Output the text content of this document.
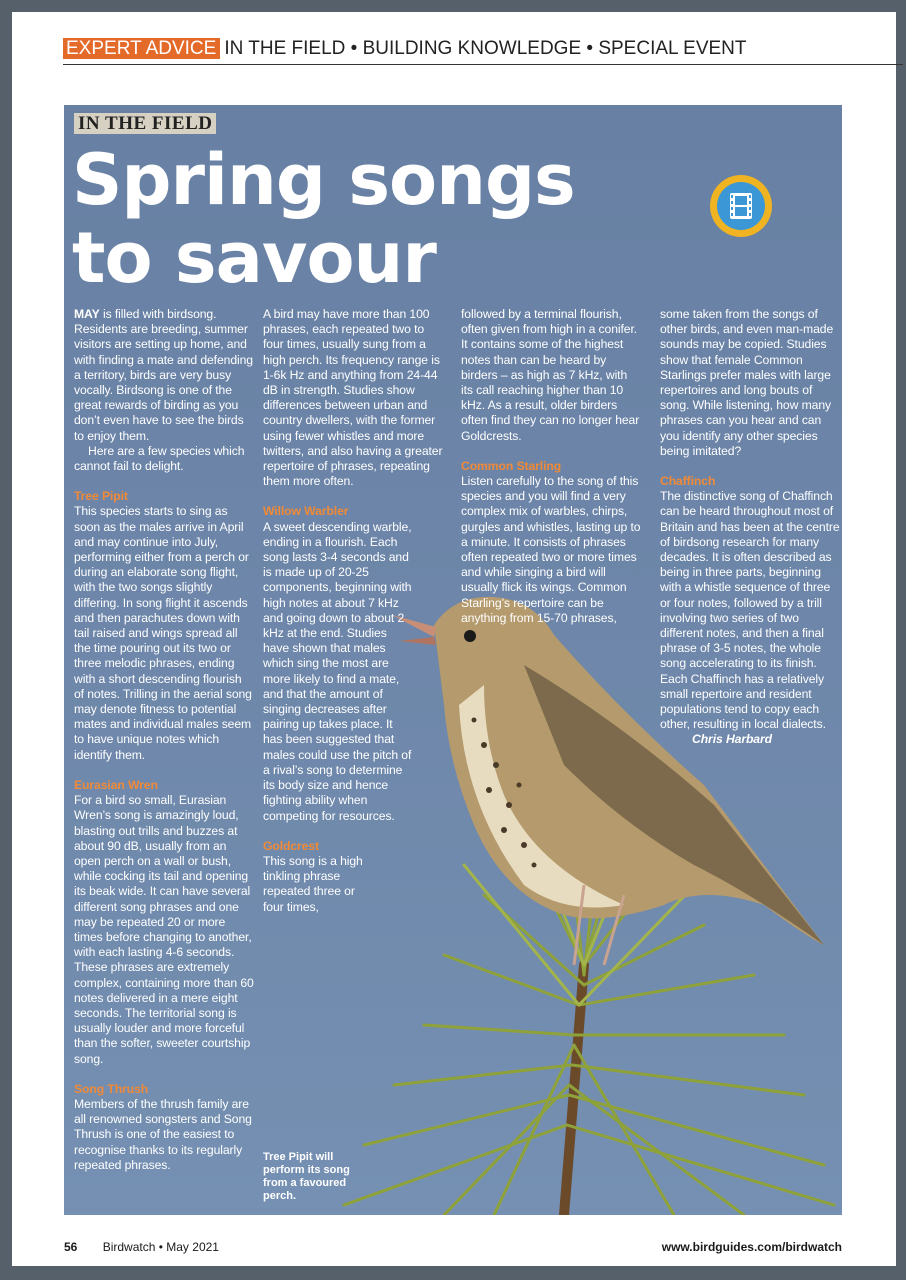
EXPERT ADVICE IN THE FIELD • BUILDING KNOWLEDGE • SPECIAL EVENT
IN THE FIELD
Spring songs
to savour

MAY is filled with birdsong. Residents are breeding, summer visitors are setting up home, and with finding a mate and defending a territory, birds are very busy vocally. Birdsong is one of the great rewards of birding as you don’t even have to see the birds to enjoy them.

Here are a few species which cannot fail to delight.

Tree Pipit

This species starts to sing as soon as the males arrive in April and may continue into July, performing either from a perch or during an elaborate song flight, with the two songs slightly differing. In song flight it ascends and then parachutes down with tail raised and wings spread all the time pouring out its two or three melodic phrases, ending with a short descending flourish of notes. Trilling in the aerial song may denote fitness to potential mates and individual males seem to have unique notes which identify them.

Eurasian Wren

For a bird so small, Eurasian Wren’s song is amazingly loud, blasting out trills and buzzes at about 90 dB, usually from an open perch on a wall or bush, while cocking its tail and opening its beak wide. It can have several different song phrases and one may be repeated 20 or more times before changing to another, with each lasting 4-6 seconds. These phrases are extremely complex, containing more than 60 notes delivered in a mere eight seconds. The territorial song is usually louder and more forceful than the softer, sweeter courtship song.

Song Thrush

Members of the thrush family are all renowned songsters and Song Thrush is one of the easiest to recognise thanks to its regularly repeated phrases.

A bird may have more than 100 phrases, each repeated two to four times, usually sung from a high perch. Its frequency range is 1-6k Hz and anything from 24-44 dB in strength. Studies show differences between urban and country dwellers, with the former using fewer whistles and more twitters, and also having a greater repertoire of phrases, repeating them more often.

Willow Warbler

A sweet descending warble, ending in a flourish. Each song lasts 3-4 seconds and is made up of 20-25 components, beginning with high notes at about 7 kHz and going down to about 2 kHz at the end. Studies have shown that males which sing the most are more likely to find a mate, and that the amount of singing decreases after pairing up takes place. It has been suggested that males could use the pitch of a rival’s song to determine its body size and hence fighting ability when competing for resources.

Goldcrest

This song is a high tinkling phrase repeated three or four times,

followed by a terminal flourish, often given from high in a conifer. It contains some of the highest notes than can be heard by birders – as high as 7 kHz, with its call reaching higher than 10 kHz. As a result, older birders often find they can no longer hear Goldcrests.

Common Starling

Listen carefully to the song of this species and you will find a very complex mix of warbles, chirps, gurgles and whistles, lasting up to a minute. It consists of phrases often repeated two or more times and while singing a bird will usually flick its wings. Common Starling’s repertoire can be anything from 15-70 phrases,

some taken from the songs of other birds, and even man-made sounds may be copied. Studies show that female Common Starlings prefer males with large repertoires and long bouts of song. While listening, how many phrases can you hear and can you identify any other species being imitated?

Chaffinch

The distinctive song of Chaffinch can be heard throughout most of Britain and has been at the centre of birdsong research for many decades. It is often described as being in three parts, beginning with a whistle sequence of three or four notes, followed by a trill involving two series of two different notes, and then a final phrase of 3-5 notes, the whole song accelerating to its finish. Each Chaffinch has a relatively small repertoire and resident populations tend to copy each other, resulting in local dialects.

Chris Harbard

Tree Pipit will perform its song from a favoured perch.
56 Birdwatch • May 2021	www.birdguides.com/birdwatch
